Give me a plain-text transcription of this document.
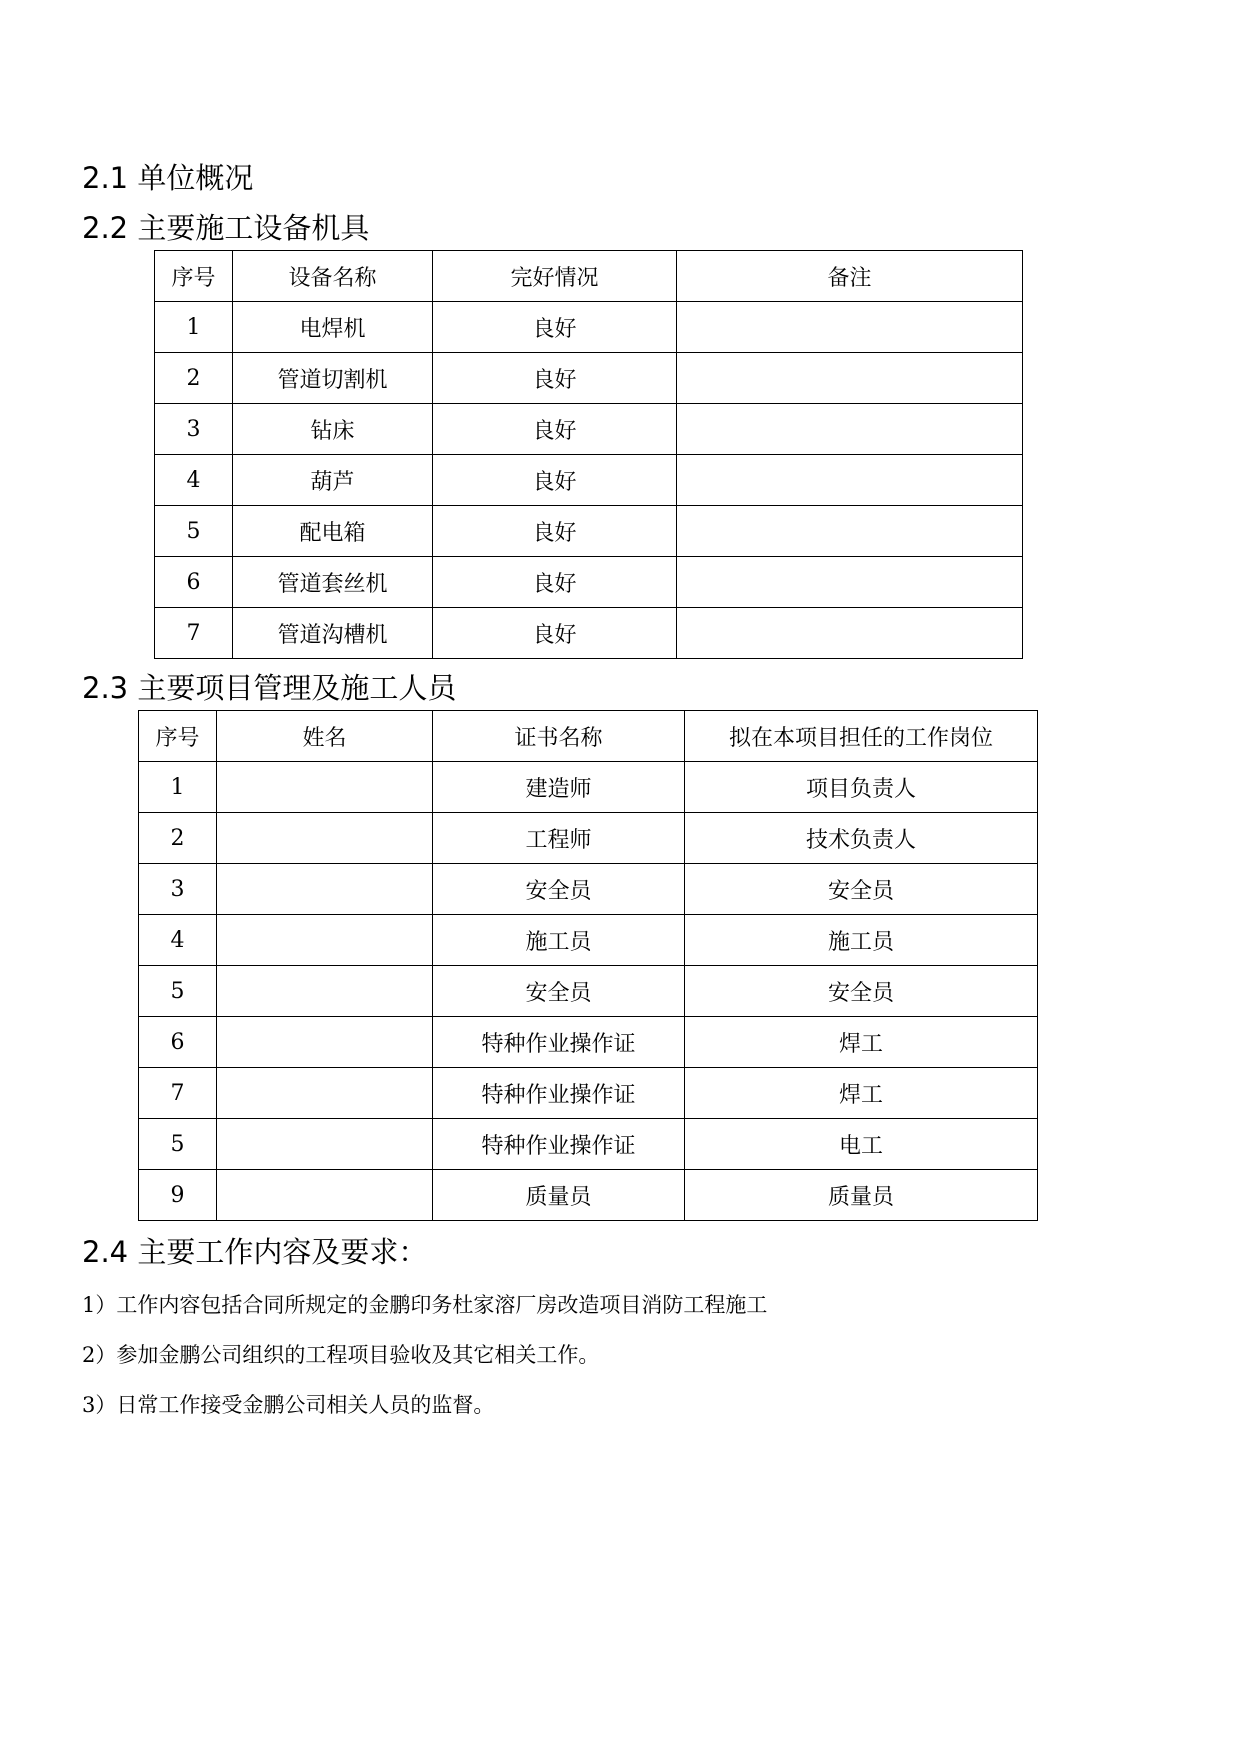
2.1 单位概况
2.2 主要施工设备机具
序号	设备名称	完好情况	备注
1	电焊机	良好	
2	管道切割机	良好	
3	钻床	良好	
4	葫芦	良好	
5	配电箱	良好	
6	管道套丝机	良好	
7	管道沟槽机	良好	
2.3 主要项目管理及施工人员
序号	姓名	证书名称	拟在本项目担任的工作岗位
1		建造师	项目负责人
2		工程师	技术负责人
3		安全员	安全员
4		施工员	施工员
5		安全员	安全员
6		特种作业操作证	焊工
7		特种作业操作证	焊工
5		特种作业操作证	电工
9		质量员	质量员
2.4 主要工作内容及要求：
1）工作内容包括合同所规定的金鹏印务杜家溶厂房改造项目消防工程施工
2）参加金鹏公司组织的工程项目验收及其它相关工作。
3）日常工作接受金鹏公司相关人员的监督。
